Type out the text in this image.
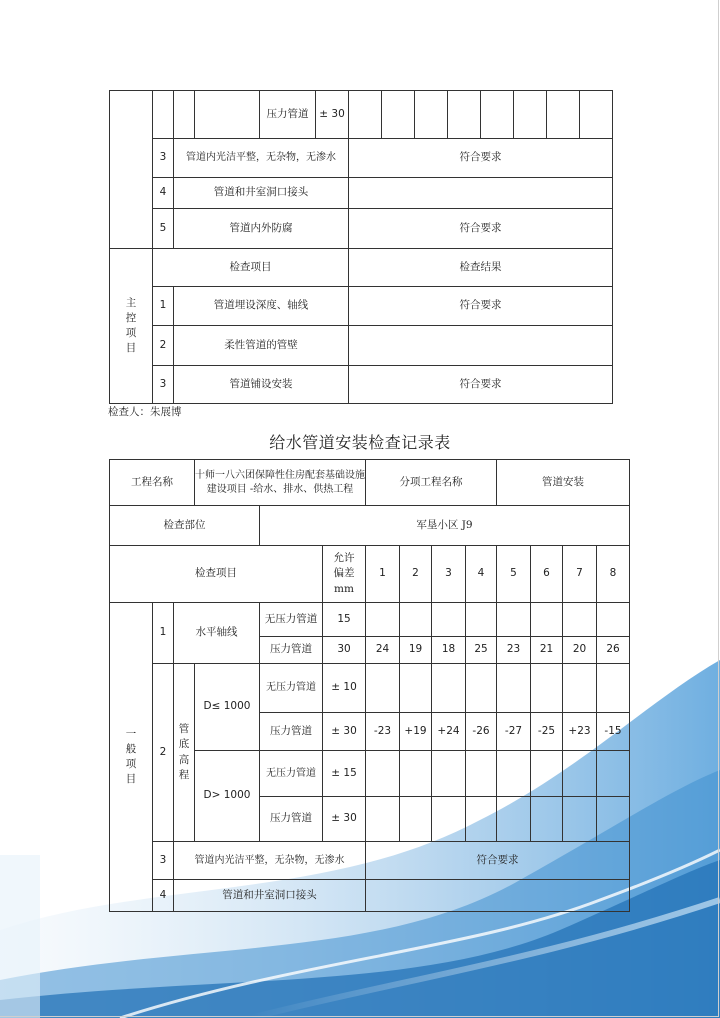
				压力管道	± 30								
	3	管道内光洁平整，无杂物，无渗水				符合要求							
	4	管道和井室洞口接头											
	5	管道内外防腐				符合要求							
主控项目	检查项目					检查结果							
	1	管道埋设深度、轴线				符合要求							
	2	柔性管道的管壁											
	3	管道铺设安装				符合要求							
检查人：朱展博
给水管道安装检查记录表
工程名称			十师一八六团保障性住房配套基础设施建设项目 -给水、排水、供热工程			分项工程名称				管道安装			
检查部位				军垦小区 J9									
检查项目					允许偏差mm	1	2	3	4	5	6	7	8
一般项目	1	水平轴线		无压力管道	15								
				压力管道	30	24	19	18	25	23	21	20	26
	2	管底高程	D≤ 1000	无压力管道	± 10								
				压力管道	± 30	-23	+19	+24	-26	-27	-25	+23	-15
			D> 1000	无压力管道	± 15								
				压力管道	± 30								
	3	管道内光洁平整，无杂物，无渗水				符合要求							
	4	管道和井室洞口接头											
